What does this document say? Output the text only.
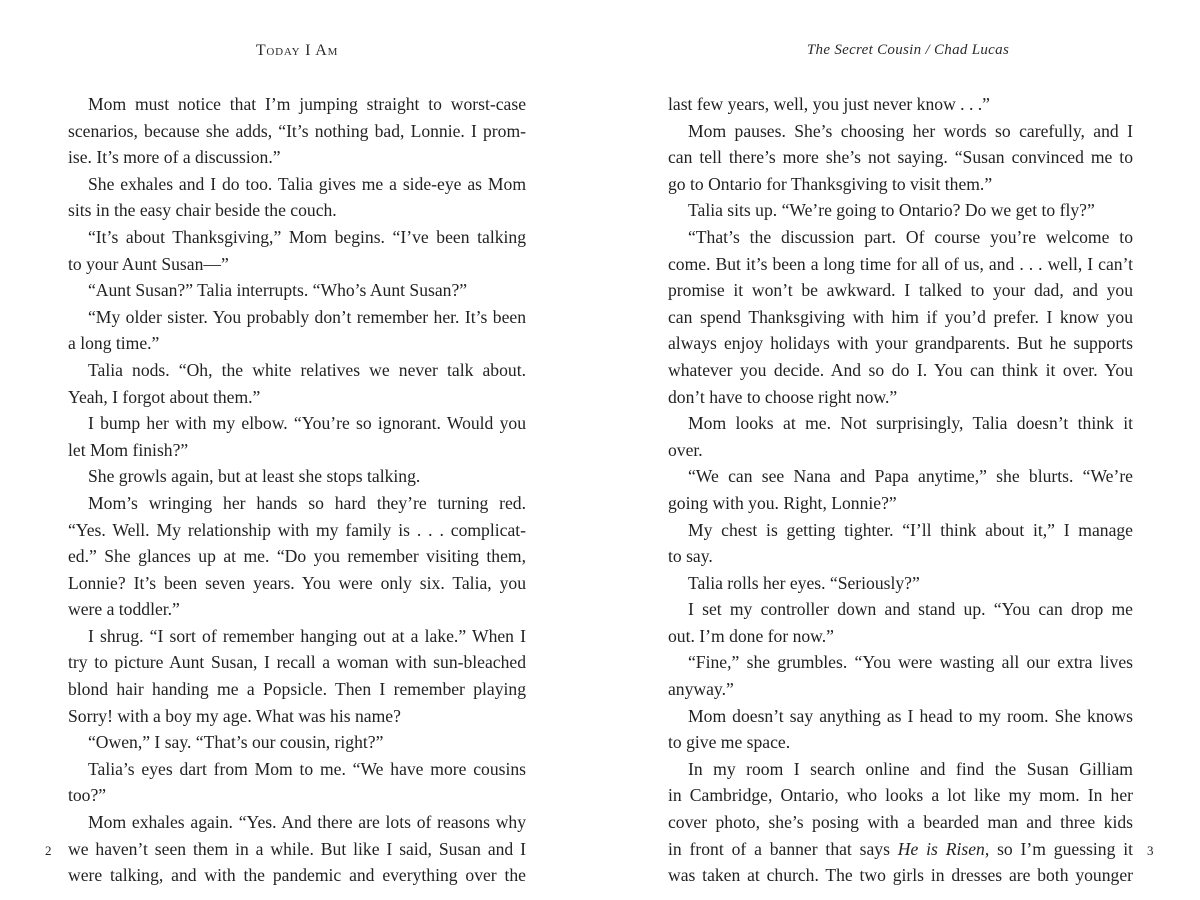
Today I Am
Mom must notice that I’m jumping straight to worst-case
scenarios, because she adds, “It’s nothing bad, Lonnie. I prom-
ise. It’s more of a discussion.”
She exhales and I do too. Talia gives me a side-eye as Mom
sits in the easy chair beside the couch.
“It’s about Thanksgiving,” Mom begins. “I’ve been talking
to your Aunt Susan—”
“Aunt Susan?” Talia interrupts. “Who’s Aunt Susan?”
“My older sister. You probably don’t remember her. It’s been
a long time.”
Talia nods. “Oh, the white relatives we never talk about.
Yeah, I forgot about them.”
I bump her with my elbow. “You’re so ignorant. Would you
let Mom finish?”
She growls again, but at least she stops talking.
Mom’s wringing her hands so hard they’re turning red.
“Yes. Well. My relationship with my family is . . . complicat-
ed.” She glances up at me. “Do you remember visiting them,
Lonnie? It’s been seven years. You were only six. Talia, you
were a toddler.”
I shrug. “I sort of remember hanging out at a lake.” When I
try to picture Aunt Susan, I recall a woman with sun-bleached
blond hair handing me a Popsicle. Then I remember playing
Sorry! with a boy my age. What was his name?
“Owen,” I say. “That’s our cousin, right?”
Talia’s eyes dart from Mom to me. “We have more cousins
too?”
Mom exhales again. “Yes. And there are lots of reasons why
we haven’t seen them in a while. But like I said, Susan and I
were talking, and with the pandemic and everything over the
2
The Secret Cousin / Chad Lucas
last few years, well, you just never know . . .”
Mom pauses. She’s choosing her words so carefully, and I
can tell there’s more she’s not saying. “Susan convinced me to
go to Ontario for Thanksgiving to visit them.”
Talia sits up. “We’re going to Ontario? Do we get to fly?”
“That’s the discussion part. Of course you’re welcome to
come. But it’s been a long time for all of us, and . . . well, I can’t
promise it won’t be awkward. I talked to your dad, and you
can spend Thanksgiving with him if you’d prefer. I know you
always enjoy holidays with your grandparents. But he supports
whatever you decide. And so do I. You can think it over. You
don’t have to choose right now.”
Mom looks at me. Not surprisingly, Talia doesn’t think it
over.
“We can see Nana and Papa anytime,” she blurts. “We’re
going with you. Right, Lonnie?”
My chest is getting tighter. “I’ll think about it,” I manage
to say.
Talia rolls her eyes. “Seriously?”
I set my controller down and stand up. “You can drop me
out. I’m done for now.”
“Fine,” she grumbles. “You were wasting all our extra lives
anyway.”
Mom doesn’t say anything as I head to my room. She knows
to give me space.
In my room I search online and find the Susan Gilliam
in Cambridge, Ontario, who looks a lot like my mom. In her
cover photo, she’s posing with a bearded man and three kids
in front of a banner that says He is Risen, so I’m guessing it
was taken at church. The two girls in dresses are both younger
3
